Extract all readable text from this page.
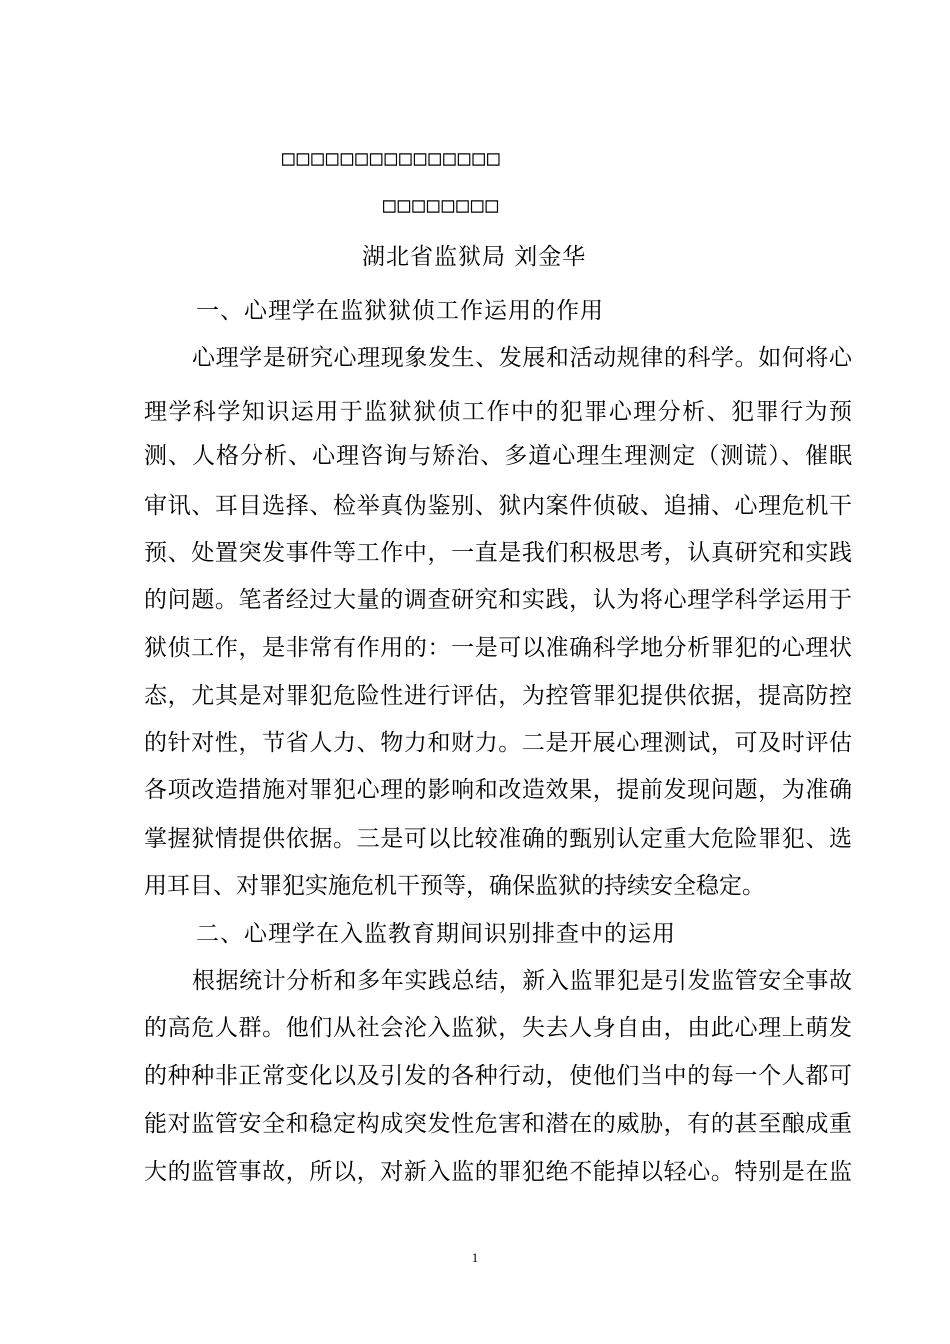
□□□□□□□□□□□□□□□
□□□□□□□□
湖北省监狱局 刘金华
一、心理学在监狱狱侦工作运用的作用
心理学是研究心理现象发生、发展和活动规律的科学。如何将心
理学科学知识运用于监狱狱侦工作中的犯罪心理分析、犯罪行为预
测、人格分析、心理咨询与矫治、多道心理生理测定（测谎）、催眠
审讯、耳目选择、检举真伪鉴别、狱内案件侦破、追捕、心理危机干
预、处置突发事件等工作中，一直是我们积极思考，认真研究和实践
的问题。笔者经过大量的调查研究和实践，认为将心理学科学运用于
狱侦工作，是非常有作用的：一是可以准确科学地分析罪犯的心理状
态，尤其是对罪犯危险性进行评估，为控管罪犯提供依据，提高防控
的针对性，节省人力、物力和财力。二是开展心理测试，可及时评估
各项改造措施对罪犯心理的影响和改造效果，提前发现问题，为准确
掌握狱情提供依据。三是可以比较准确的甄别认定重大危险罪犯、选
用耳目、对罪犯实施危机干预等，确保监狱的持续安全稳定。
二、心理学在入监教育期间识别排查中的运用
根据统计分析和多年实践总结，新入监罪犯是引发监管安全事故
的高危人群。他们从社会沦入监狱，失去人身自由，由此心理上萌发
的种种非正常变化以及引发的各种行动，使他们当中的每一个人都可
能对监管安全和稳定构成突发性危害和潜在的威胁，有的甚至酿成重
大的监管事故，所以，对新入监的罪犯绝不能掉以轻心。特别是在监
1
